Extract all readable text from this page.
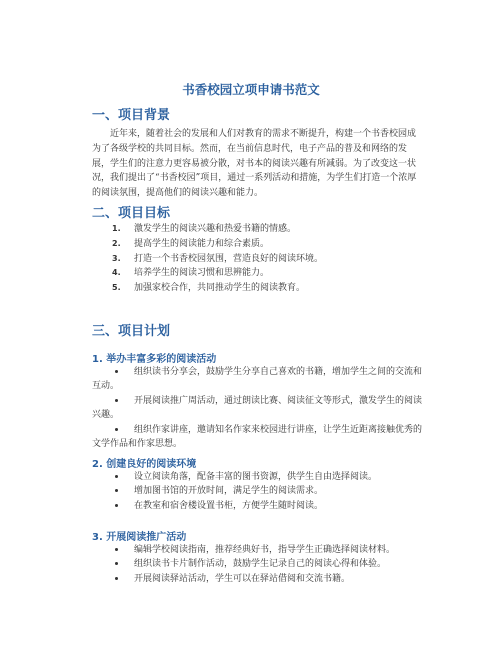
书香校园立项申请书范文
一、项目背景

近年来，随着社会的发展和人们对教育的需求不断提升，构建一个书香校园成为了各级学校的共同目标。然而，在当前信息时代，电子产品的普及和网络的发展，学生们的注意力更容易被分散，对书本的阅读兴趣有所减弱。为了改变这一状况，我们提出了“书香校园”项目，通过一系列活动和措施，为学生们打造一个浓厚的阅读氛围，提高他们的阅读兴趣和能力。

二、项目目标
1. 激发学生的阅读兴趣和热爱书籍的情感。
2. 提高学生的阅读能力和综合素质。
3. 打造一个书香校园氛围，营造良好的阅读环境。
4. 培养学生的阅读习惯和思辨能力。
5. 加强家校合作，共同推动学生的阅读教育。
三、项目计划
1. 举办丰富多彩的阅读活动
组织读书分享会，鼓励学生分享自己喜欢的书籍，增加学生之间的交流和互动。
开展阅读推广周活动，通过朗读比赛、阅读征文等形式，激发学生的阅读兴趣。
组织作家讲座，邀请知名作家来校园进行讲座，让学生近距离接触优秀的文学作品和作家思想。
2. 创建良好的阅读环境
设立阅读角落，配备丰富的图书资源，供学生自由选择阅读。
增加图书馆的开放时间，满足学生的阅读需求。
在教室和宿舍楼设置书柜，方便学生随时阅读。
3. 开展阅读推广活动
编辑学校阅读指南，推荐经典好书，指导学生正确选择阅读材料。
组织读书卡片制作活动，鼓励学生记录自己的阅读心得和体验。
开展阅读驿站活动，学生可以在驿站借阅和交流书籍。
